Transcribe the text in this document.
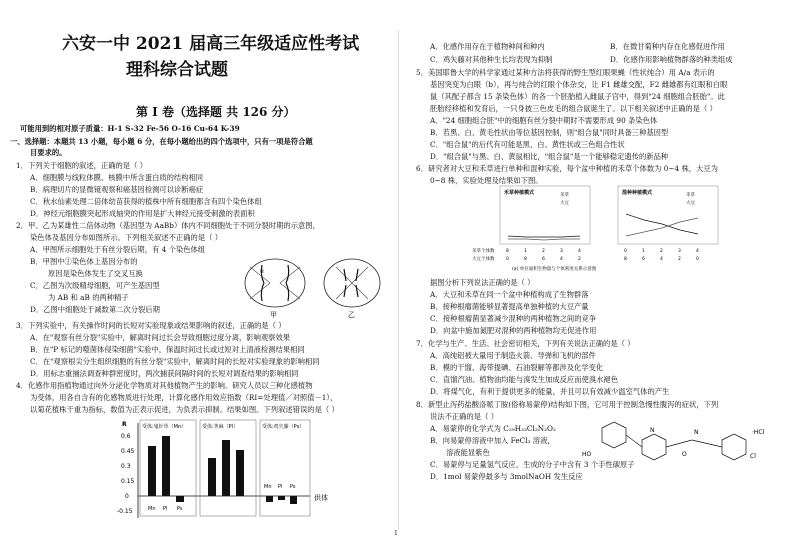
六安一中 2021 届高三年级适应性考试
理科综合试题
第 I 卷（选择题 共 126 分）
可能用到的相对原子质量：H-1 S-32 Fe-56 O-16 Cu-64 K-39
一、选择题：本题共 13 小题，每小题 6 分，在每小题给出的四个选项中，只有一项是符合题
目要求的。
1．下列关于细胞的叙述，正确的是（ ）
A．细胞膜与线粒体膜、核膜中所含蛋白质的结构相同
B．病理切片的显微镜观察和癌基因检测可以诊断癌症
C．秋水仙素处理二倍体幼苗获得的植株中所有细胞都含有四个染色体组
D．神经元细胞膜突起形成轴突的作用是扩大神经元接受刺激的表面积
2．甲、乙为某雄性二倍体动物（基因型为 AaBb）体内不同细胞处于不同分裂时期的示意图，
染色体及基因分布如图所示。下列相关叙述不正确的是（ ）
A．甲图所示细胞处于有丝分裂后期，有 4 个染色体组
B．甲图中①染色体上基因分布的
原因是染色体发生了交叉互换
C．乙图为次级精母细胞，可产生基因型
为 AB 和 aB 的两种精子
D．乙图中细胞处于减数第二次分裂后期
①
甲	乙
3．下列实验中，有关操作时间的长短对实验现象或结果影响的叙述，正确的是（ ）
A．在"观察有丝分裂"实验中，解离时间过长会导致细胞过度分离，影响观察效果
B．在"P 标记的噬菌体侵染细菌"实验中，保温时间过长或过短对上清液检测结果相同
C．在"观察根尖分生组织细胞的有丝分裂"实验中，解离时间的长短对实验现象的影响相同
D．用标志重捕法调查种群密度时，两次捕获间隔时间的长短对调查结果的影响相同
4．化感作用指植物通过向外分泌化学物质对其他植物产生的影响。研究人员以三种化感植物
为受体，用各自含有的化感物质进行处理，计算化感作用效应指数（RI=处理值／对照值－1），
以菊花植株干重为指标，数值为正表示促进，为负表示抑制。结果如图。下列叙述错误的是（ ）
R
0.6
0.45
0.3
0.15
0
-0.15
受体:鬼针草（Mn）	受体:荠麻（Pl）	受体:鸡矢藤（Ps）
Mn Pl Ps
Mn Pl Ps
供体
A．化感作用存在于植物种间和种内	B．在微甘菊种内存在化感促进作用
C．鸡矢藤对其他种生长均表现为抑制	D．化感作用影响植物群落的种类组成
5．美国耶鲁大学的科学家通过某种方法将获得的野生型红眼果蝇（性状纯合）用 A/a 表示的
基因突变为白眼（b），再与纯合的红眼个体杂交，让 F1 雌雄交配，F2 雌雄都有红眼和白眼
鼠（其配子都含 15 条染色体）的各一个胚胎植入雌鼠子宫中，得到"24 细胞组合胚胎"。此
胚胎经移植和发育后，一只身披三色皮毛的组合鼠诞生了。以下相关叙述中正确的是（ ）
A．"24 细胞组合胚"中的细胞有丝分裂中期时不需要形成 90 条染色体
B．若黑、白、黄毛性状由等位基因控制，则"组合鼠"同时具备三种基因型
C．"组合鼠"的后代有可能是黑、白、黄性状或三色组合性状
D．"组合鼠"与黑、白、黄鼠相比，"组合鼠"是一个能够稳定遗传的新品种
6．研究者对大豆和禾草进行单种和混种实验，每个盆中种植的禾草个体数为 0~4 株，大豆为
0~8 株，实验处理及结果如下图。
禾草种植模式	禾草
大豆
禾草个体数
大豆个体数
8	1	2	3	4
0	8	6	4	2
混种种植模式	禾草
大豆
0	1	2	3	4
8	6	4	2	0
(a) 单位面积生物量与个体密度关系示意图
据图分析下列说法正确的是（ ）
A．大豆和禾草在同一个盆中种植构成了生物群落
B．接种根瘤菌能够显著提高单独种植的大豆产量
C．接种根瘤菌显著减少混种的两种植物之间的竞争
D．向盆中施加氮肥对混种的两种植物均无促进作用
7．化学与生产、生活、社会密切相关，下列有关说法正确的是（ ）
A．高纯铝被大量用于制造火箭、导弹和飞机的部件
B．模的干馏、海带提碘、石油裂解等都涉及化学变化
C．直馏汽油、植物油均能与溴发生加成反应而使溴水褪色
D．将煤气化，有利于提供更多的能量，并且可以有效减少温室气体的产生
8．新型止泻药盐酸洛哌丁胺(俗称易蒙停)结构如下图，它可用于控制急慢性腹泻的症状，下列
说法不正确的是（ ）
A．易蒙停的化学式为 C₂₉H₃₃Cl₂N₂O₂
B．向易蒙停溶液中加入 FeCl₃ 溶液，
溶液能显紫色
C．易蒙停与足量氢气反应，生成的分子中含有 3 个手性碳原子
D．1mol 易蒙停最多与 3molNaOH 发生反应
HO
N
O
N	·HCl
Cl
1
